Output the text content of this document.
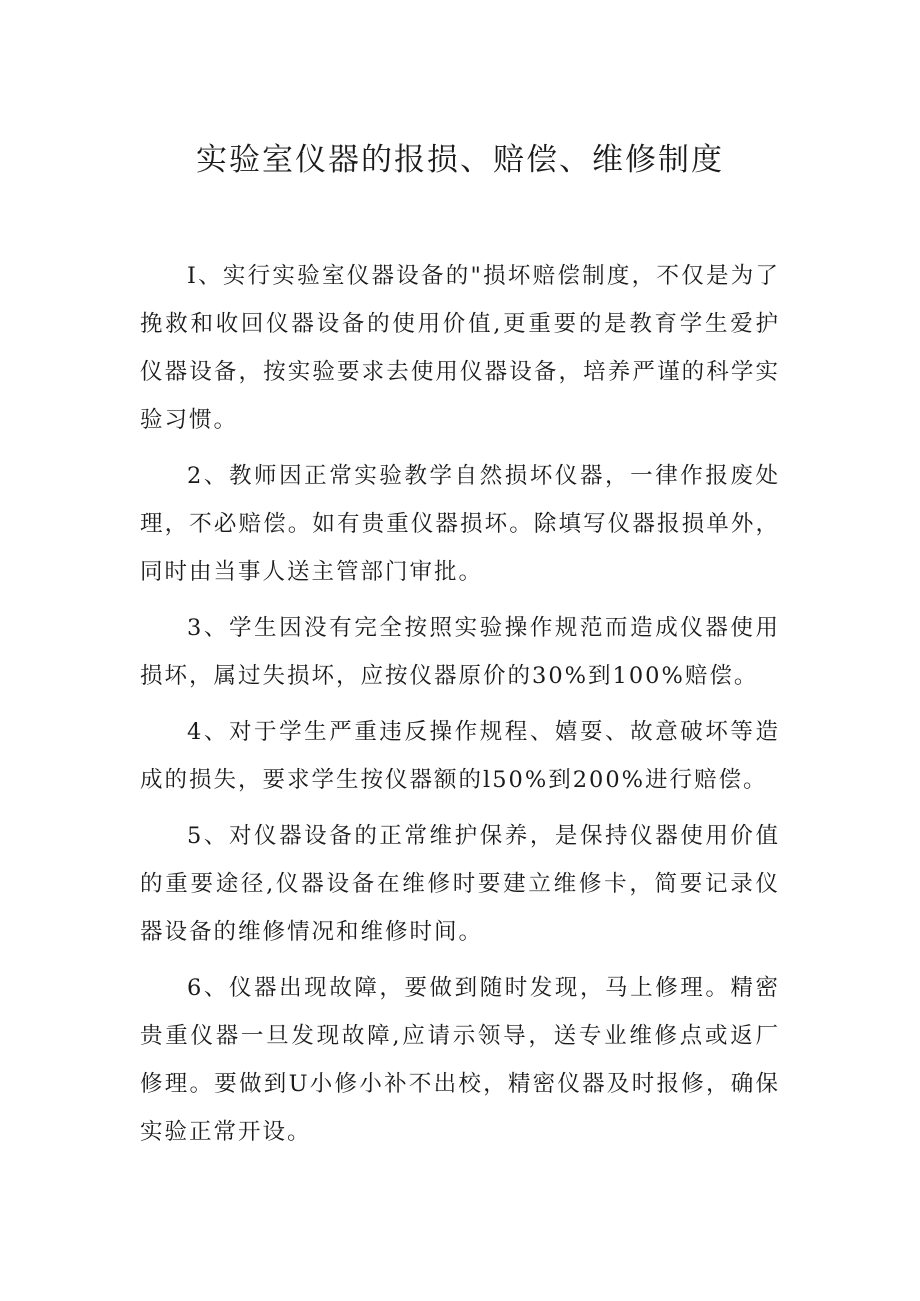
实验室仪器的报损、赔偿、维修制度

I、实行实验室仪器设备的"损坏赔偿制度，不仅是为了挽救和收回仪器设备的使用价值,更重要的是教育学生爱护仪器设备，按实验要求去使用仪器设备，培养严谨的科学实验习惯。

2、教师因正常实验教学自然损坏仪器，一律作报废处理，不必赔偿。如有贵重仪器损坏。除填写仪器报损单外，同时由当事人送主管部门审批。

3、学生因没有完全按照实验操作规范而造成仪器使用损坏，属过失损坏，应按仪器原价的30%到100%赔偿。

4、对于学生严重违反操作规程、嬉耍、故意破坏等造成的损失，要求学生按仪器额的l50%到200%进行赔偿。

5、对仪器设备的正常维护保养，是保持仪器使用价值的重要途径,仪器设备在维修时要建立维修卡，简要记录仪器设备的维修情况和维修时间。

6、仪器出现故障，要做到随时发现，马上修理。精密贵重仪器一旦发现故障,应请示领导，送专业维修点或返厂修理。要做到U小修小补不出校，精密仪器及时报修，确保实验正常开设。
